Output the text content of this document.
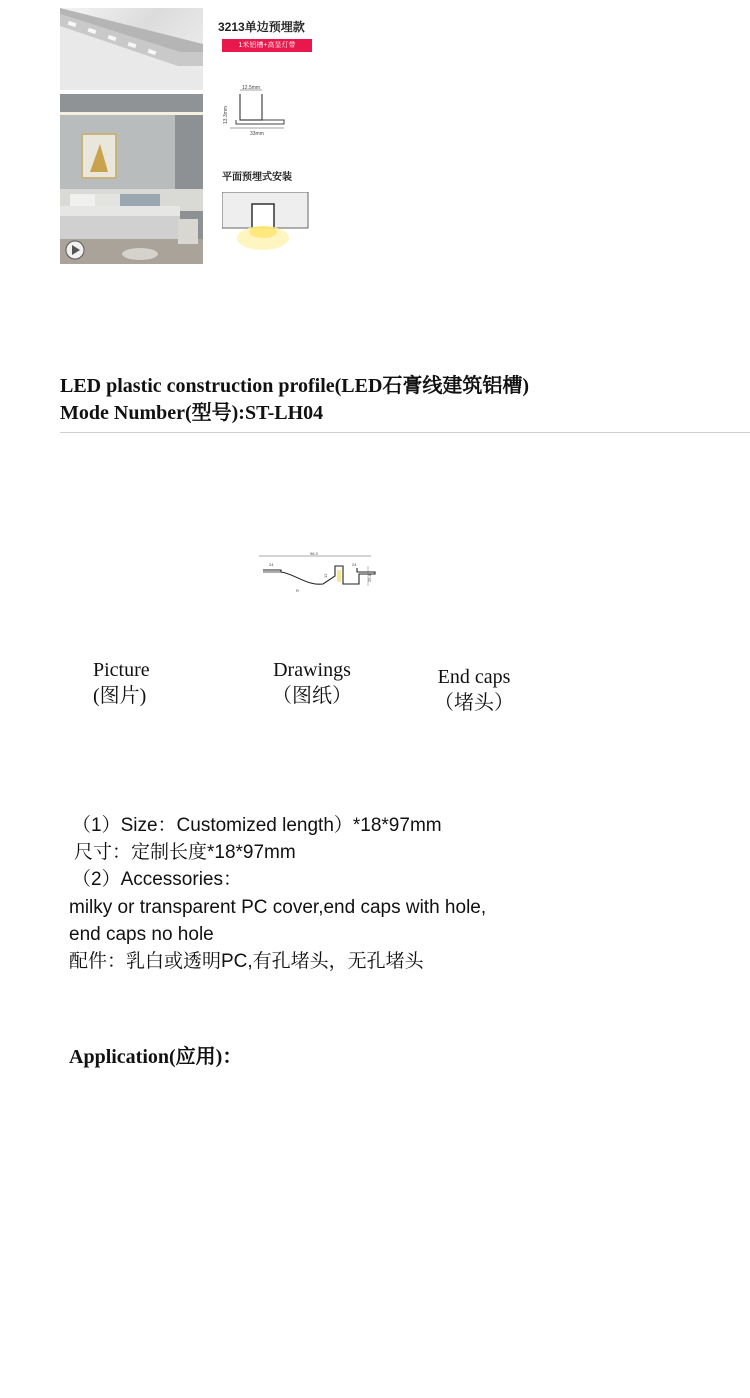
3213单边预埋款
1米铝槽+高显灯带
12.5mm
13.3mm
33mm
平面预埋式安装
LED plastic construction profile(LED石膏线建筑铝槽)
Mode Number(型号):ST-LH04
96.3
24
24
25.4
12
R
Picture
(图片)
Drawings
（图纸）
End caps
（堵头）
（1）Size：Customized length）*18*97mm
尺寸：定制长度*18*97mm
（2）Accessories：
milky or transparent PC cover,end caps with hole,
end caps no hole
配件：乳白或透明PC,有孔堵头，无孔堵头
Application(应用)：
